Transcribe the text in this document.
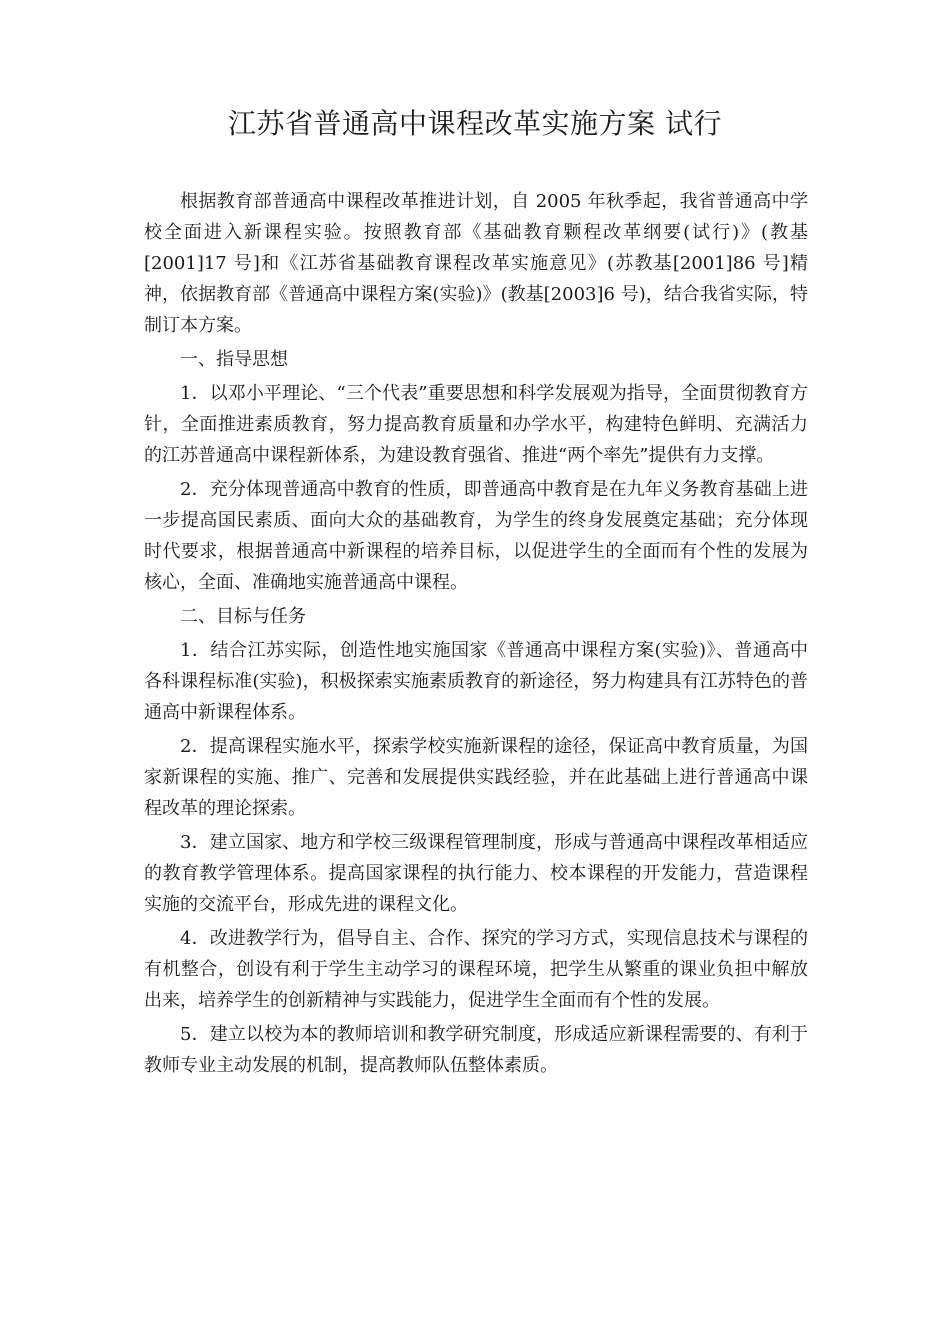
江苏省普通高中课程改革实施方案 试行

根据教育部普通高中课程改革推进计划，自 2005 年秋季起，我省普通高中学校全面进入新课程实验。按照教育部《基础教育颗程改革纲要(试行)》(教基[2001]17 号]和《江苏省基础教育课程改革实施意见》(苏教基[2001]86 号]精神，依据教育部《普通高中课程方案(实验)》(教基[2003]6 号)，结合我省实际，特制订本方案。

一、指导思想

1．以邓小平理论、“三个代表”重要思想和科学发展观为指导，全面贯彻教育方针，全面推进素质教育，努力提高教育质量和办学水平，构建特色鲜明、充满活力的江苏普通高中课程新体系，为建设教育强省、推进“两个率先”提供有力支撑。

2．充分体现普通高中教育的性质，即普通高中教育是在九年义务教育基础上进一步提高国民素质、面向大众的基础教育，为学生的终身发展奠定基础；充分体现时代要求，根据普通高中新课程的培养目标，以促进学生的全面而有个性的发展为核心，全面、准确地实施普通高中课程。

二、目标与任务

1．结合江苏实际，创造性地实施国家《普通高中课程方案(实验)》、普通高中各科课程标准(实验)，积极探索实施素质教育的新途径，努力构建具有江苏特色的普通高中新课程体系。

2．提高课程实施水平，探索学校实施新课程的途径，保证高中教育质量，为国家新课程的实施、推广、完善和发展提供实践经验，并在此基础上进行普通高中课程改革的理论探索。

3．建立国家、地方和学校三级课程管理制度，形成与普通高中课程改革相适应的教育教学管理体系。提高国家课程的执行能力、校本课程的开发能力，营造课程实施的交流平台，形成先进的课程文化。

4．改进教学行为，倡导自主、合作、探究的学习方式，实现信息技术与课程的有机整合，创设有利于学生主动学习的课程环境，把学生从繁重的课业负担中解放出来，培养学生的创新精神与实践能力，促进学生全面而有个性的发展。

5．建立以校为本的教师培训和教学研究制度，形成适应新课程需要的、有利于教师专业主动发展的机制，提高教师队伍整体素质。
